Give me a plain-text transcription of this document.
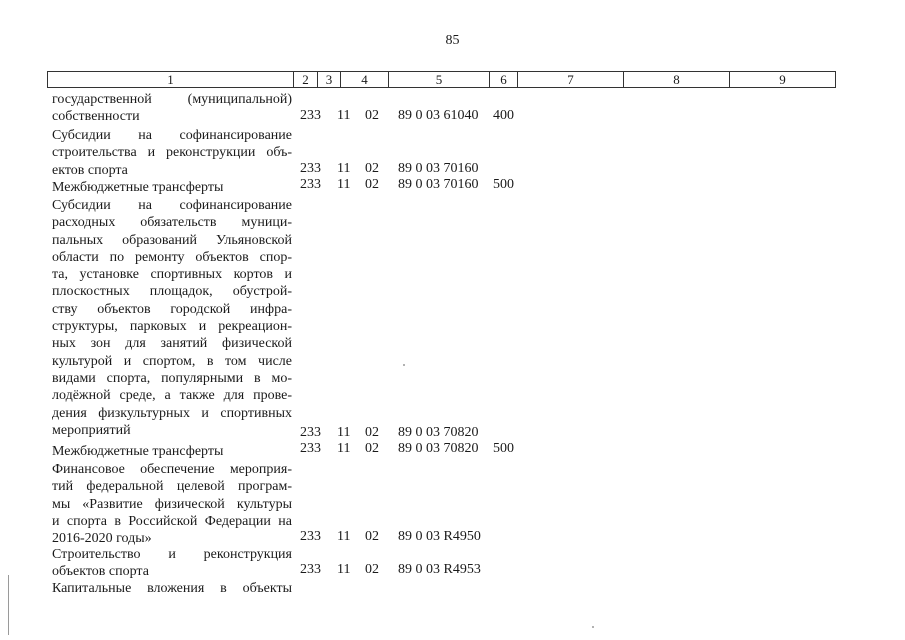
85
1	2	3	4	5	6	7	8	9
государственной (муниципальной)
собственности	233 11 02 89 0 03 61040 400
Субсидии на софинансирование
строительства и реконструкции объ-
ектов спорта	233 11 02 89 0 03 70160
Межбюджетные трансферты	233 11 02 89 0 03 70160 500
Субсидии на софинансирование
расходных обязательств муници-
пальных образований Ульяновской
области по ремонту объектов спор-
та, установке спортивных кортов и
плоскостных площадок, обустрой-
ству объектов городской инфра-
структуры, парковых и рекреацион-
ных зон для занятий физической
культурой и спортом, в том числе
видами спорта, популярными в мо-
лодёжной среде, а также для прове-
дения физкультурных и спортивных
мероприятий	233 11 02 89 0 03 70820
Межбюджетные трансферты	233 11 02 89 0 03 70820 500
Финансовое обеспечение мероприя-
тий федеральной целевой програм-
мы «Развитие физической культуры
и спорта в Российской Федерации на
2016-2020 годы»	233 11 02 89 0 03 R4950
Строительство и реконструкция
объектов спорта	233 11 02 89 0 03 R4953
Капитальные вложения в объекты
